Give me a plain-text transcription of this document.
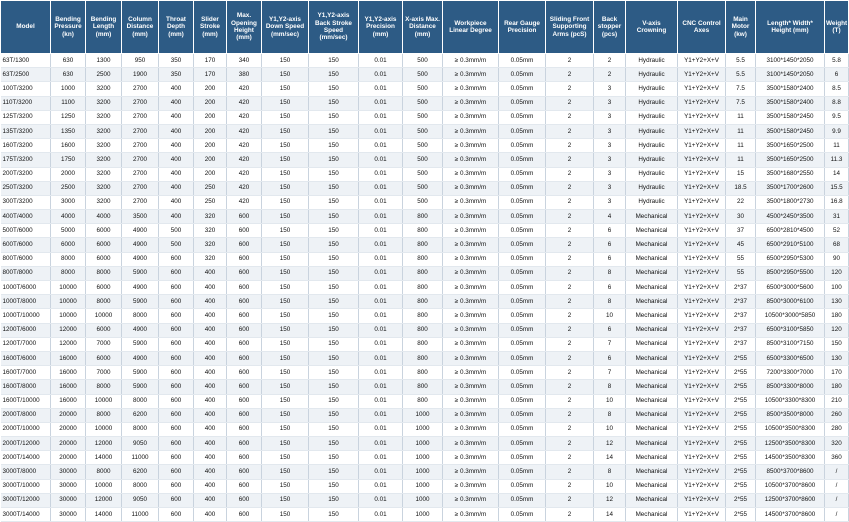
Model	Bending Pressure (kn)	Bending Length (mm)	Column Distance (mm)	Throat Depth (mm)	Slider Stroke (mm)	Max. Opening Height (mm)	Y1,Y2-axis Down Speed (mm/sec)	Y1,Y2-axis Back Stroke Speed (mm/sec)	Y1,Y2-axis Precision (mm)	X-axis Max. Distance (mm)	Workpiece Linear Degree	Rear Gauge Precision	Sliding Front Supporting Arms (pcS)	Back stopper (pcs)	V-axis Crowning	CNC Control Axes	Main Motor (kw)	Length* Width* Height (mm)	Weight (T)
63T/1300	630	1300	950	350	170	340	150	150	0.01	500	≥ 0.3mm/m	0.05mm	2	2	Hydraulic	Y1+Y2+X+V	5.5	3100*1450*2050	5.8
63T/2500	630	2500	1900	350	170	380	150	150	0.01	500	≥ 0.3mm/m	0.05mm	2	2	Hydraulic	Y1+Y2+X+V	5.5	3100*1450*2050	6
100T/3200	1000	3200	2700	400	200	420	150	150	0.01	500	≥ 0.3mm/m	0.05mm	2	3	Hydraulic	Y1+Y2+X+V	7.5	3500*1580*2400	8.5
110T/3200	1100	3200	2700	400	200	420	150	150	0.01	500	≥ 0.3mm/m	0.05mm	2	3	Hydraulic	Y1+Y2+X+V	7.5	3500*1580*2400	8.8
125T/3200	1250	3200	2700	400	200	420	150	150	0.01	500	≥ 0.3mm/m	0.05mm	2	3	Hydraulic	Y1+Y2+X+V	11	3500*1580*2450	9.5
135T/3200	1350	3200	2700	400	200	420	150	150	0.01	500	≥ 0.3mm/m	0.05mm	2	3	Hydraulic	Y1+Y2+X+V	11	3500*1580*2450	9.9
160T/3200	1600	3200	2700	400	200	420	150	150	0.01	500	≥ 0.3mm/m	0.05mm	2	3	Hydraulic	Y1+Y2+X+V	11	3500*1650*2500	11
175T/3200	1750	3200	2700	400	200	420	150	150	0.01	500	≥ 0.3mm/m	0.05mm	2	3	Hydraulic	Y1+Y2+X+V	11	3500*1650*2500	11.3
200T/3200	2000	3200	2700	400	200	420	150	150	0.01	500	≥ 0.3mm/m	0.05mm	2	3	Hydraulic	Y1+Y2+X+V	15	3500*1680*2550	14
250T/3200	2500	3200	2700	400	250	420	150	150	0.01	500	≥ 0.3mm/m	0.05mm	2	3	Hydraulic	Y1+Y2+X+V	18.5	3500*1700*2600	15.5
300T/3200	3000	3200	2700	400	250	420	150	150	0.01	500	≥ 0.3mm/m	0.05mm	2	3	Hydraulic	Y1+Y2+X+V	22	3500*1800*2730	16.8
400T/4000	4000	4000	3500	400	320	600	150	150	0.01	800	≥ 0.3mm/m	0.05mm	2	4	Mechanical	Y1+Y2+X+V	30	4500*2450*3500	31
500T/6000	5000	6000	4900	500	320	600	150	150	0.01	800	≥ 0.3mm/m	0.05mm	2	6	Mechanical	Y1+Y2+X+V	37	6500*2810*4500	52
600T/6000	6000	6000	4900	500	320	600	150	150	0.01	800	≥ 0.3mm/m	0.05mm	2	6	Mechanical	Y1+Y2+X+V	45	6500*2910*5100	68
800T/6000	8000	6000	4900	600	320	600	150	150	0.01	800	≥ 0.3mm/m	0.05mm	2	6	Mechanical	Y1+Y2+X+V	55	6500*2950*5300	90
800T/8000	8000	8000	5900	600	400	600	150	150	0.01	800	≥ 0.3mm/m	0.05mm	2	8	Mechanical	Y1+Y2+X+V	55	8500*2950*5500	120
1000T/6000	10000	6000	4900	600	400	600	150	150	0.01	800	≥ 0.3mm/m	0.05mm	2	6	Mechanical	Y1+Y2+X+V	2*37	6500*3000*5600	100
1000T/8000	10000	8000	5900	600	400	600	150	150	0.01	800	≥ 0.3mm/m	0.05mm	2	8	Mechanical	Y1+Y2+X+V	2*37	8500*3000*6100	130
1000T/10000	10000	10000	8000	600	400	600	150	150	0.01	800	≥ 0.3mm/m	0.05mm	2	10	Mechanical	Y1+Y2+X+V	2*37	10500*3000*5850	180
1200T/6000	12000	6000	4900	600	400	600	150	150	0.01	800	≥ 0.3mm/m	0.05mm	2	6	Mechanical	Y1+Y2+X+V	2*37	6500*3100*5850	120
1200T/7000	12000	7000	5900	600	400	600	150	150	0.01	800	≥ 0.3mm/m	0.05mm	2	7	Mechanical	Y1+Y2+X+V	2*37	8500*3100*7150	150
1600T/6000	16000	6000	4900	600	400	600	150	150	0.01	800	≥ 0.3mm/m	0.05mm	2	6	Mechanical	Y1+Y2+X+V	2*55	6500*3300*6500	130
1600T/7000	16000	7000	5900	600	400	600	150	150	0.01	800	≥ 0.3mm/m	0.05mm	2	7	Mechanical	Y1+Y2+X+V	2*55	7200*3300*7000	170
1600T/8000	16000	8000	5900	600	400	600	150	150	0.01	800	≥ 0.3mm/m	0.05mm	2	8	Mechanical	Y1+Y2+X+V	2*55	8500*3300*8000	180
1600T/10000	16000	10000	8000	600	400	600	150	150	0.01	800	≥ 0.3mm/m	0.05mm	2	10	Mechanical	Y1+Y2+X+V	2*55	10500*3300*8300	210
2000T/8000	20000	8000	6200	600	400	600	150	150	0.01	1000	≥ 0.3mm/m	0.05mm	2	8	Mechanical	Y1+Y2+X+V	2*55	8500*3500*8000	260
2000T/10000	20000	10000	8000	600	400	600	150	150	0.01	1000	≥ 0.3mm/m	0.05mm	2	10	Mechanical	Y1+Y2+X+V	2*55	10500*3500*8300	280
2000T/12000	20000	12000	9050	600	400	600	150	150	0.01	1000	≥ 0.3mm/m	0.05mm	2	12	Mechanical	Y1+Y2+X+V	2*55	12500*3500*8300	320
2000T/14000	20000	14000	11000	600	400	600	150	150	0.01	1000	≥ 0.3mm/m	0.05mm	2	14	Mechanical	Y1+Y2+X+V	2*55	14500*3500*8300	360
3000T/8000	30000	8000	6200	600	400	600	150	150	0.01	1000	≥ 0.3mm/m	0.05mm	2	8	Mechanical	Y1+Y2+X+V	2*55	8500*3700*8600	/
3000T/10000	30000	10000	8000	600	400	600	150	150	0.01	1000	≥ 0.3mm/m	0.05mm	2	10	Mechanical	Y1+Y2+X+V	2*55	10500*3700*8600	/
3000T/12000	30000	12000	9050	600	400	600	150	150	0.01	1000	≥ 0.3mm/m	0.05mm	2	12	Mechanical	Y1+Y2+X+V	2*55	12500*3700*8600	/
3000T/14000	30000	14000	11000	600	400	600	150	150	0.01	1000	≥ 0.3mm/m	0.05mm	2	14	Mechanical	Y1+Y2+X+V	2*55	14500*3700*8600	/
